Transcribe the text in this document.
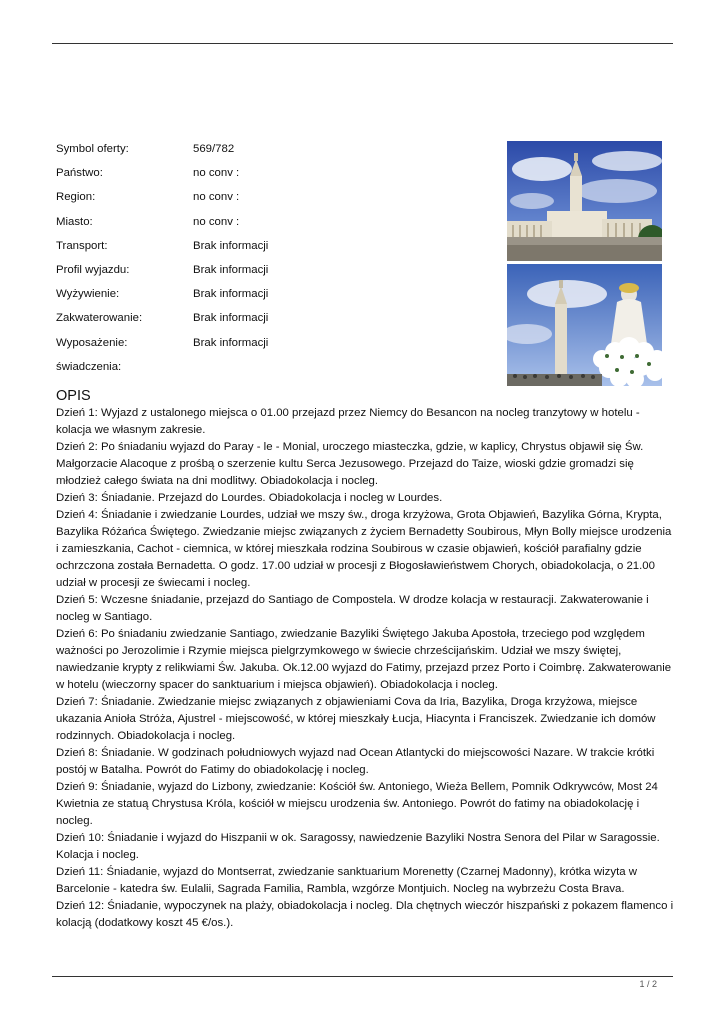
Symbol oferty:	569/782
Państwo:	no conv :
Region:	no conv :
Miasto:	no conv :
Transport:	Brak informacji
Profil wyjazdu:	Brak informacji
Wyżywienie:	Brak informacji
Zakwaterowanie:	Brak informacji
Wyposażenie:	Brak informacji
świadczenia:
OPIS

Dzień 1: Wyjazd z ustalonego miejsca o 01.00 przejazd przez Niemcy do Besancon na nocleg tranzytowy w hotelu - kolacja we własnym zakresie.

Dzień 2: Po śniadaniu wyjazd do Paray - le - Monial, uroczego miasteczka, gdzie, w kaplicy, Chrystus objawił się Św. Małgorzacie Alacoque z prośbą o szerzenie kultu Serca Jezusowego. Przejazd do Taize, wioski gdzie gromadzi się młodzież całego świata na dni modlitwy. Obiadokolacja i nocleg.

Dzień 3: Śniadanie. Przejazd do Lourdes. Obiadokolacja i nocleg w Lourdes.

Dzień 4: Śniadanie i zwiedzanie Lourdes, udział we mszy św., droga krzyżowa, Grota Objawień, Bazylika Górna, Krypta, Bazylika Różańca Świętego. Zwiedzanie miejsc związanych z życiem Bernadetty Soubirous, Młyn Bolly miejsce urodzenia i zamieszkania, Cachot - ciemnica, w której mieszkała rodzina Soubirous w czasie objawień, kościół parafialny gdzie ochrzczona została Bernadetta. O godz. 17.00 udział w procesji z Błogosławieństwem Chorych, obiadokolacja, o 21.00 udział w procesji ze świecami i nocleg.

Dzień 5: Wczesne śniadanie, przejazd do Santiago de Compostela. W drodze kolacja w restauracji. Zakwaterowanie i nocleg w Santiago.

Dzień 6: Po śniadaniu zwiedzanie Santiago, zwiedzanie Bazyliki Świętego Jakuba Apostoła, trzeciego pod względem ważności po Jerozolimie i Rzymie miejsca pielgrzymkowego w świecie chrześcijańskim. Udział we mszy świętej, nawiedzanie krypty z relikwiami Św. Jakuba. Ok.12.00 wyjazd do Fatimy, przejazd przez Porto i Coimbrę. Zakwaterowanie w hotelu (wieczorny spacer do sanktuarium i miejsca objawień). Obiadokolacja i nocleg.

Dzień 7: Śniadanie. Zwiedzanie miejsc związanych z objawieniami Cova da Iria, Bazylika, Droga krzyżowa, miejsce ukazania Anioła Stróża, Ajustrel - miejscowość, w której mieszkały Łucja, Hiacynta i Franciszek. Zwiedzanie ich domów rodzinnych. Obiadokolacja i nocleg.

Dzień 8: Śniadanie. W godzinach południowych wyjazd nad Ocean Atlantycki do miejscowości Nazare. W trakcie krótki postój w Batalha. Powrót do Fatimy do obiadokolację i nocleg.

Dzień 9: Śniadanie, wyjazd do Lizbony, zwiedzanie: Kościół św. Antoniego, Wieża Bellem, Pomnik Odkrywców, Most 24 Kwietnia ze statuą Chrystusa Króla, kościół w miejscu urodzenia św. Antoniego. Powrót do fatimy na obiadokolację i nocleg.

Dzień 10: Śniadanie i wyjazd do Hiszpanii w ok. Saragossy, nawiedzenie Bazyliki Nostra Senora del Pilar w Saragossie. Kolacja i nocleg.

Dzień 11: Śniadanie, wyjazd do Montserrat, zwiedzanie sanktuarium Morenetty (Czarnej Madonny), krótka wizyta w Barcelonie - katedra św. Eulalii, Sagrada Familia, Rambla, wzgórze Montjuich. Nocleg na wybrzeżu Costa Brava.

Dzień 12: Śniadanie, wypoczynek na plaży, obiadokolacja i nocleg. Dla chętnych wieczór hiszpański z pokazem flamenco i kolacją (dodatkowy koszt 45 €/os.).

1 / 2
